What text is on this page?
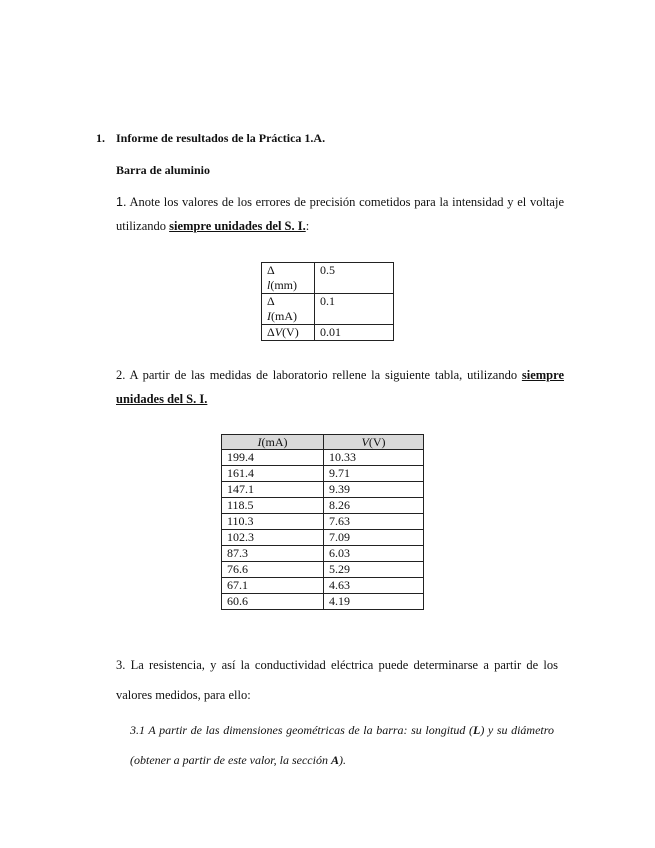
1. Informe de resultados de la Práctica 1.A.
Barra de aluminio
1. Anote los valores de los errores de precisión cometidos para la intensidad y el voltaje utilizando siempre unidades del S. I.:
Δ
l(mm)	0.5
Δ
I(mA)	0.1
ΔV(V)	0.01
2. A partir de las medidas de laboratorio rellene la siguiente tabla, utilizando siempre unidades del S. I.
I(mA)	V(V)
199.4	10.33
161.4	9.71
147.1	9.39
118.5	8.26
110.3	7.63
102.3	7.09
87.3	6.03
76.6	5.29
67.1	4.63
60.6	4.19
3. La resistencia, y así la conductividad eléctrica puede determinarse a partir de los valores medidos, para ello:
3.1 A partir de las dimensiones geométricas de la barra: su longitud (L) y su diámetro (obtener a partir de este valor, la sección A).
